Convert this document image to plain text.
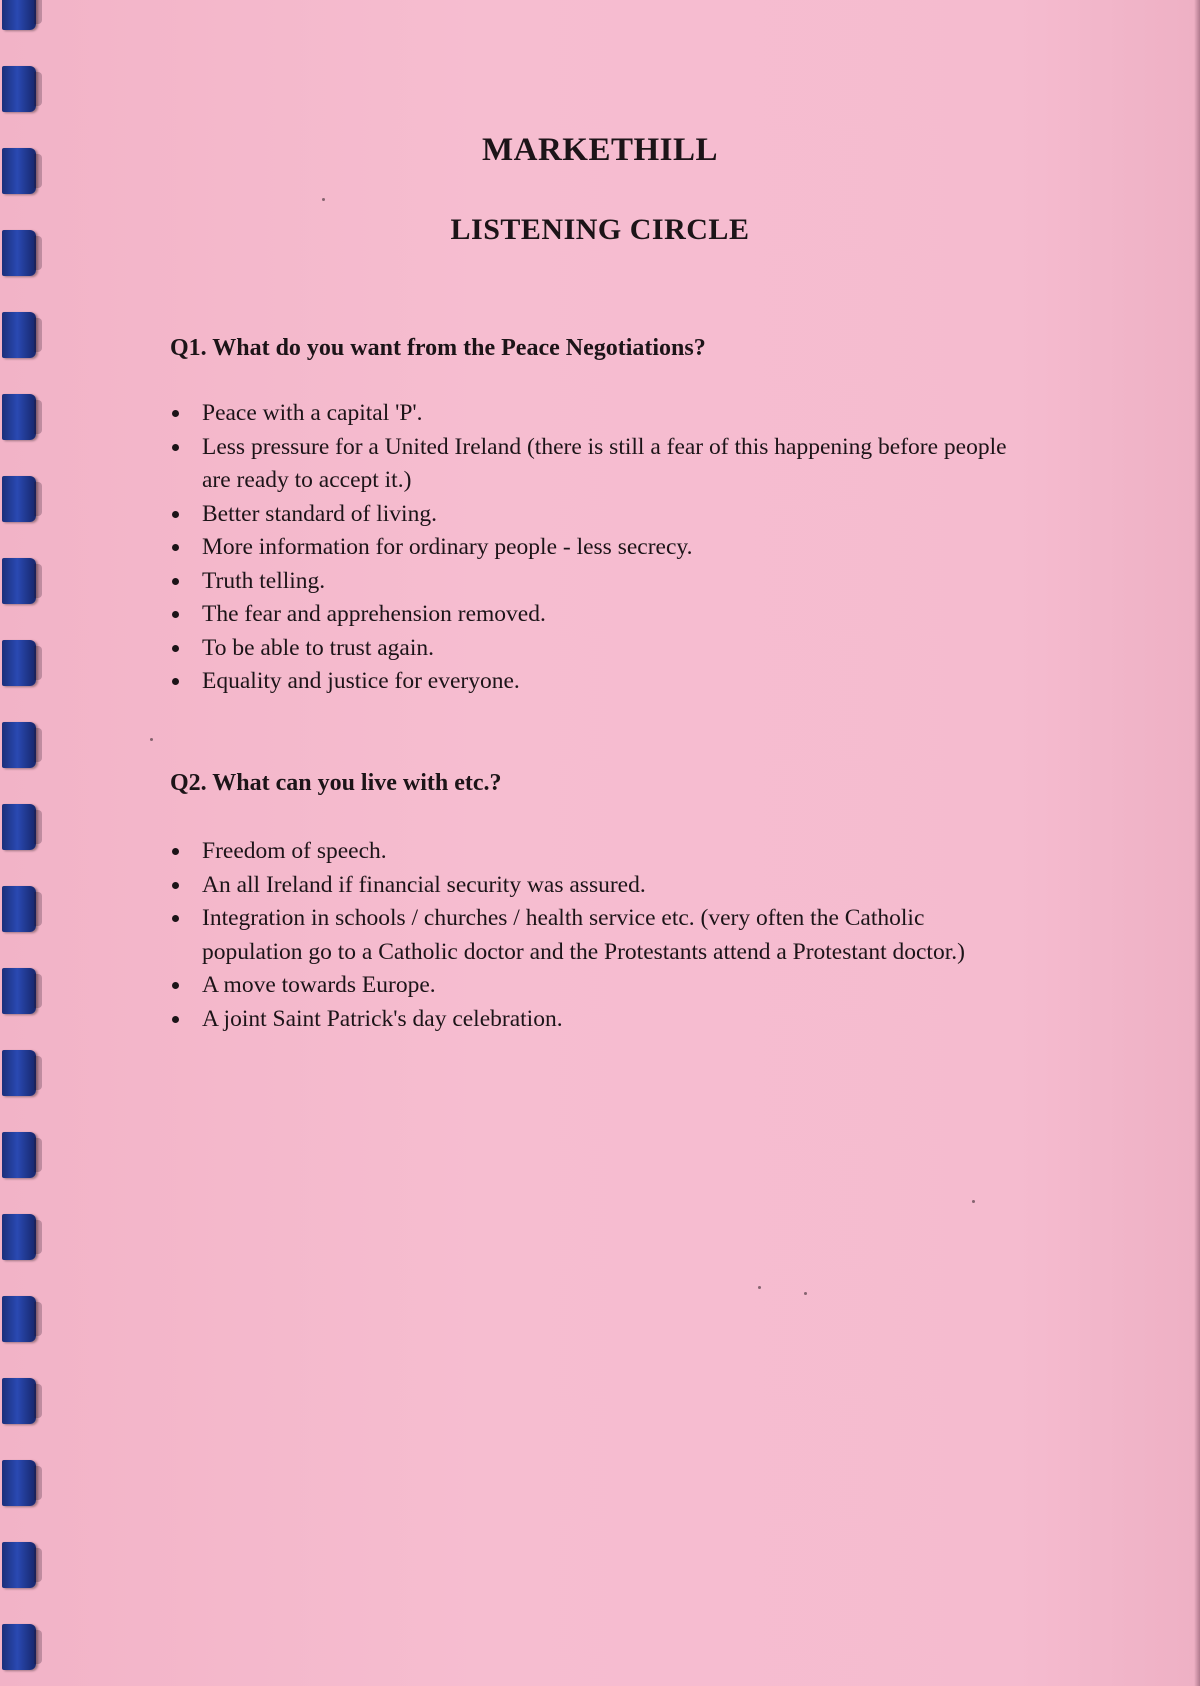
MARKETHILL
LISTENING CIRCLE
Q1. What do you want from the Peace Negotiations?
Peace with a capital 'P'.
Less pressure for a United Ireland (there is still a fear of this happening before people are ready to accept it.)
Better standard of living.
More information for ordinary people - less secrecy.
Truth telling.
The fear and apprehension removed.
To be able to trust again.
Equality and justice for everyone.
Q2. What can you live with etc.?
Freedom of speech.
An all Ireland if financial security was assured.
Integration in schools / churches / health service etc. (very often the Catholic population go to a Catholic doctor and the Protestants attend a Protestant doctor.)
A move towards Europe.
A joint Saint Patrick's day celebration.
